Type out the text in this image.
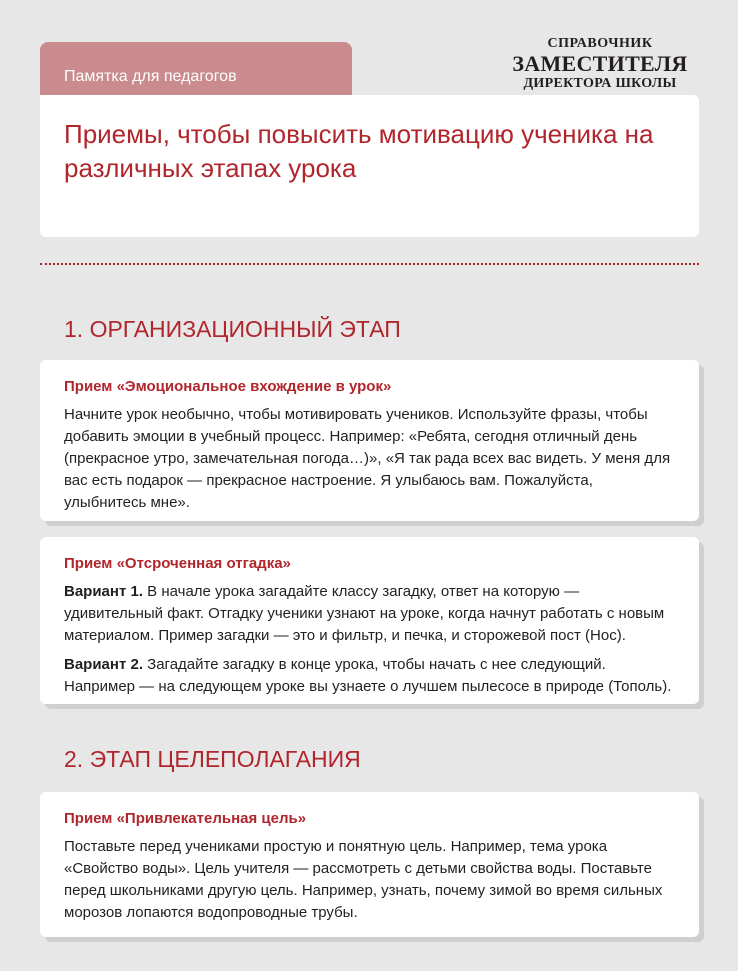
Памятка для педагогов
СПРАВОЧНИК
ЗАМЕСТИТЕЛЯ
ДИРЕКТОРА ШКОЛЫ
Приемы, чтобы повысить мотивацию ученика на различных этапах урока
1. ОРГАНИЗАЦИОННЫЙ ЭТАП
Прием «Эмоциональное вхождение в урок»

Начните урок необычно, чтобы мотивировать учеников. Используйте фразы, чтобы добавить эмоции в учебный процесс. Например: «Ребята, сегодня отличный день (прекрасное утро, замечательная погода…)», «Я так рада всех вас видеть. У меня для вас есть подарок — прекрасное настроение. Я улыбаюсь вам. Пожалуйста, улыбнитесь мне».

Прием «Отсроченная отгадка»

Вариант 1. В начале урока загадайте классу загадку, ответ на которую — удивительный факт. Отгадку ученики узнают на уроке, когда начнут работать с новым материалом. Пример загадки — это и фильтр, и печка, и сторожевой пост (Нос).

Вариант 2. Загадайте загадку в конце урока, чтобы начать с нее следующий. Например — на следующем уроке вы узнаете о лучшем пылесосе в природе (Тополь).

2. ЭТАП ЦЕЛЕПОЛАГАНИЯ
Прием «Привлекательная цель»

Поставьте перед учениками простую и понятную цель. Например, тема урока «Свойство воды». Цель учителя — рассмотреть с детьми свойства воды. Поставьте перед школьниками другую цель. Например, узнать, почему зимой во время сильных морозов лопаются водопроводные трубы.
